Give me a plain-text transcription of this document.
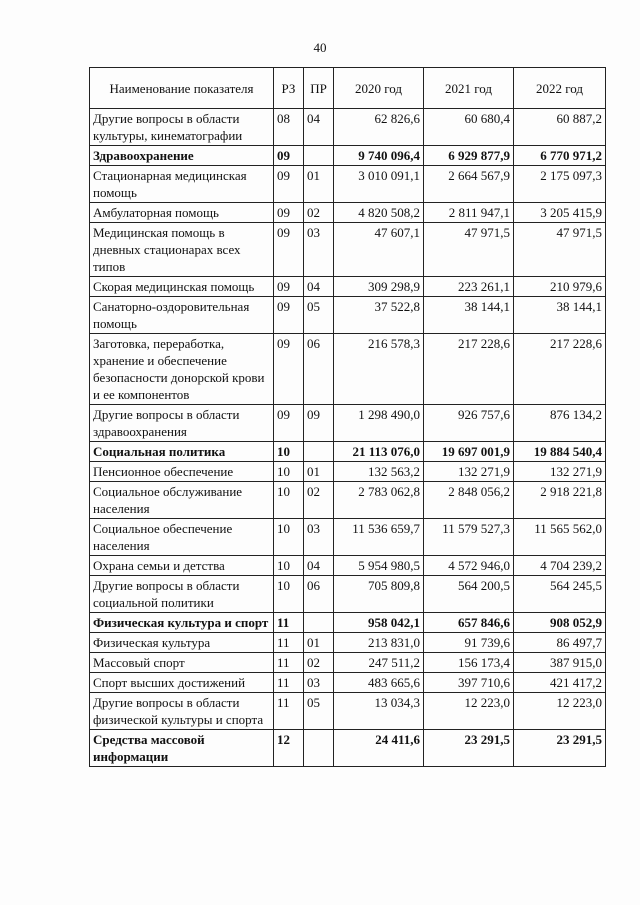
40
Наименование показателя	РЗ	ПР	2020 год	2021 год	2022 год
Другие вопросы в области культуры, кинематографии	08	04	62 826,6	60 680,4	60 887,2
Здравоохранение	09		9 740 096,4	6 929 877,9	6 770 971,2
Стационарная медицинская помощь	09	01	3 010 091,1	2 664 567,9	2 175 097,3
Амбулаторная помощь	09	02	4 820 508,2	2 811 947,1	3 205 415,9
Медицинская помощь в дневных стационарах всех типов	09	03	47 607,1	47 971,5	47 971,5
Скорая медицинская помощь	09	04	309 298,9	223 261,1	210 979,6
Санаторно-оздоровительная помощь	09	05	37 522,8	38 144,1	38 144,1
Заготовка, переработка, хранение и обеспечение безопасности донорской крови и ее компонентов	09	06	216 578,3	217 228,6	217 228,6
Другие вопросы в области здравоохранения	09	09	1 298 490,0	926 757,6	876 134,2
Социальная политика	10		21 113 076,0	19 697 001,9	19 884 540,4
Пенсионное обеспечение	10	01	132 563,2	132 271,9	132 271,9
Социальное обслуживание населения	10	02	2 783 062,8	2 848 056,2	2 918 221,8
Социальное обеспечение населения	10	03	11 536 659,7	11 579 527,3	11 565 562,0
Охрана семьи и детства	10	04	5 954 980,5	4 572 946,0	4 704 239,2
Другие вопросы в области социальной политики	10	06	705 809,8	564 200,5	564 245,5
Физическая культура и спорт	11		958 042,1	657 846,6	908 052,9
Физическая культура	11	01	213 831,0	91 739,6	86 497,7
Массовый спорт	11	02	247 511,2	156 173,4	387 915,0
Спорт высших достижений	11	03	483 665,6	397 710,6	421 417,2
Другие вопросы в области физической культуры и спорта	11	05	13 034,3	12 223,0	12 223,0
Средства массовой информации	12		24 411,6	23 291,5	23 291,5
